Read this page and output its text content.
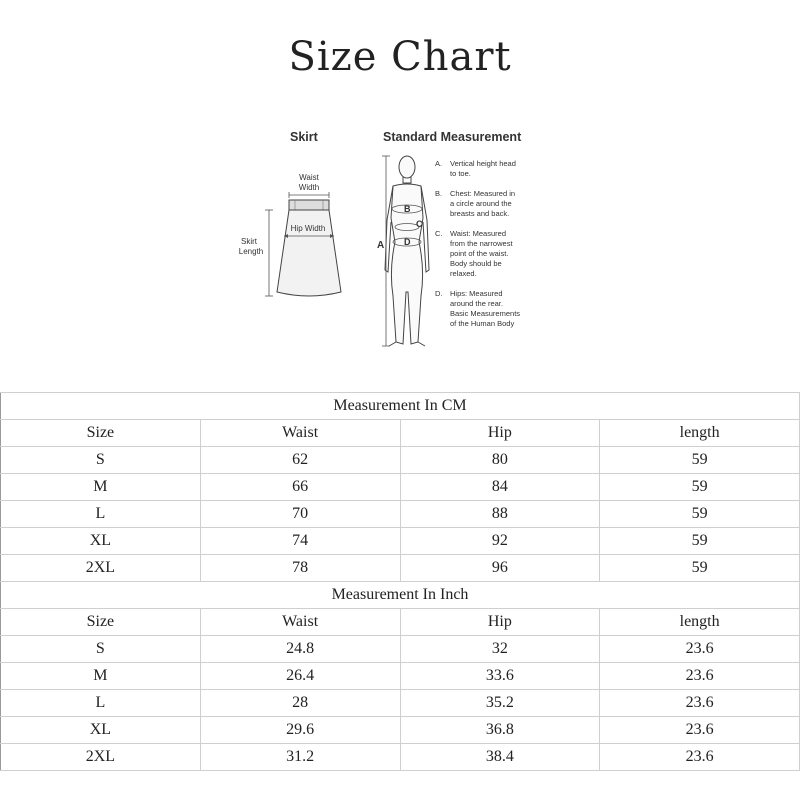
Size Chart
Skirt	Standard Measurement
Waist
Width
Hip Width
Skirt
Length
A
B
C
D
A. Vertical height head
to toe.
B. Chest: Measured in
a circle around the
breasts and back.
C. Waist: Measured
from the narrowest
point of the waist.
Body should be
relaxed.
D. Hips: Measured
around the rear.
Basic Measurements
of the Human Body
Measurement In CM			
Size	Waist	Hip	length
S	62	80	59
M	66	84	59
L	70	88	59
XL	74	92	59
2XL	78	96	59
Measurement In Inch			
Size	Waist	Hip	length
S	24.8	32	23.6
M	26.4	33.6	23.6
L	28	35.2	23.6
XL	29.6	36.8	23.6
2XL	31.2	38.4	23.6
